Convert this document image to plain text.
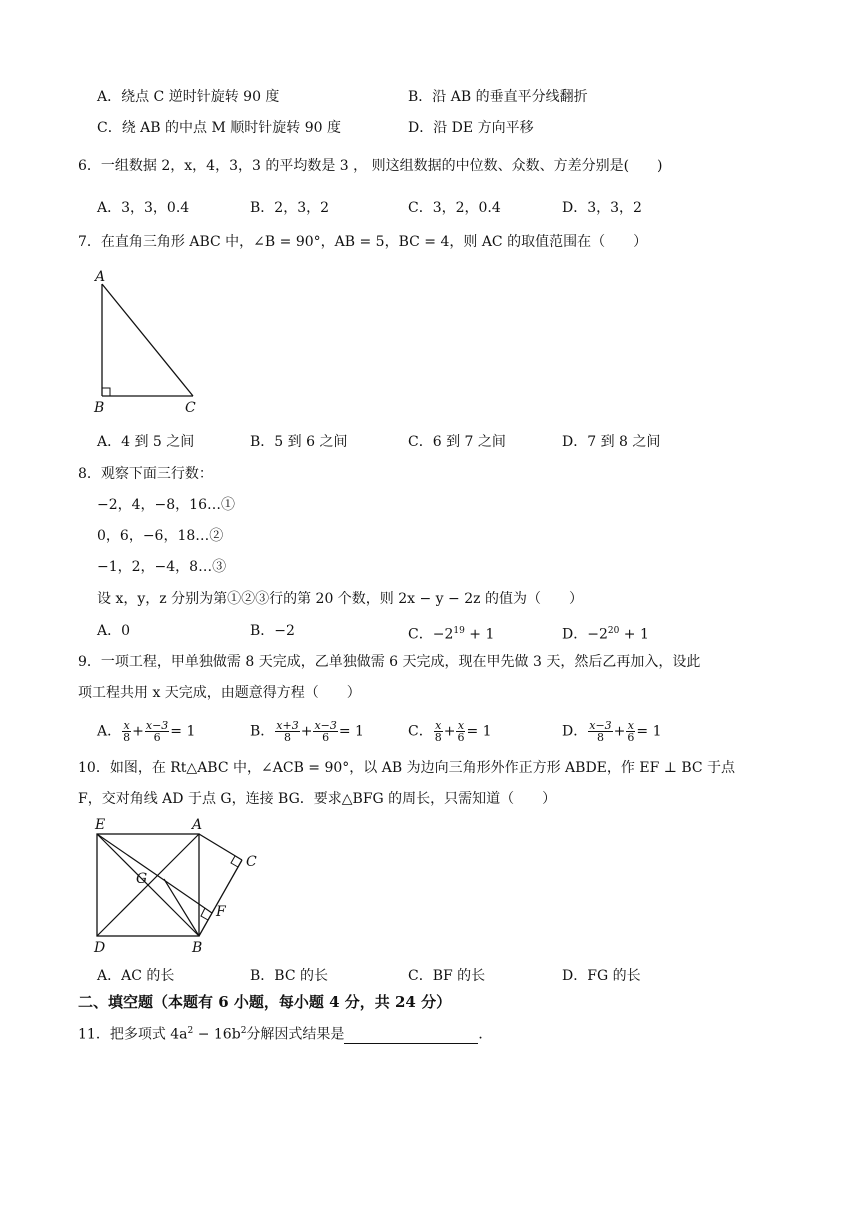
A．绕点 C 逆时针旋转 90 度	B．沿 AB 的垂直平分线翻折
C．绕 AB 的中点 M 顺时针旋转 90 度	D．沿 DE 方向平移
6．一组数据 2，x，4，3，3 的平均数是 3 ， 则这组数据的中位数、众数、方差分别是(　　)
A．3，3，0.4	B．2，3，2	C．3，2，0.4	D．3，3，2
7．在直角三角形 ABC 中，∠B = 90°，AB = 5，BC = 4，则 AC 的取值范围在（　　）
A
B	C
A．4 到 5 之间	B．5 到 6 之间	C．6 到 7 之间	D．7 到 8 之间
8．观察下面三行数：
−2，4，−8，16…①
0，6，−6，18…②
−1，2，−4，8…③
设 x，y，z 分别为第①②③行的第 20 个数，则 2x − y − 2z 的值为（　　）
A．0	B．−2	C．$-2^{19} + 1$	D．$-2^{20} + 1$
9．一项工程，甲单独做需 8 天完成，乙单独做需 6 天完成，现在甲先做 3 天，然后乙再加入，设此
项工程共用 x 天完成，由题意得方程（　　）
A． $\frac{x}{8} + \frac{x-3}{6} = 1$	B． $\frac{x+3}{8} + \frac{x-3}{6} = 1$	C． $\frac{x}{8} + \frac{x}{6} = 1$	D． $\frac{x-3}{8} + \frac{x}{6} = 1$
10．如图，在 Rt△ABC 中，∠ACB = 90°，以 AB 为边向三角形外作正方形 ABDE，作 EF ⊥ BC 于点
F，交对角线 AD 于点 G，连接 BG．要求△BFG 的周长，只需知道（　　）
E	A
C
G
F
D	B
A．AC 的长	B．BC 的长	C．BF 的长	D．FG 的长
二、填空题（本题有 6 小题，每小题 4 分，共 24 分）
11．把多项式 $4a^2 - 16b^2$分解因式结果是	．
